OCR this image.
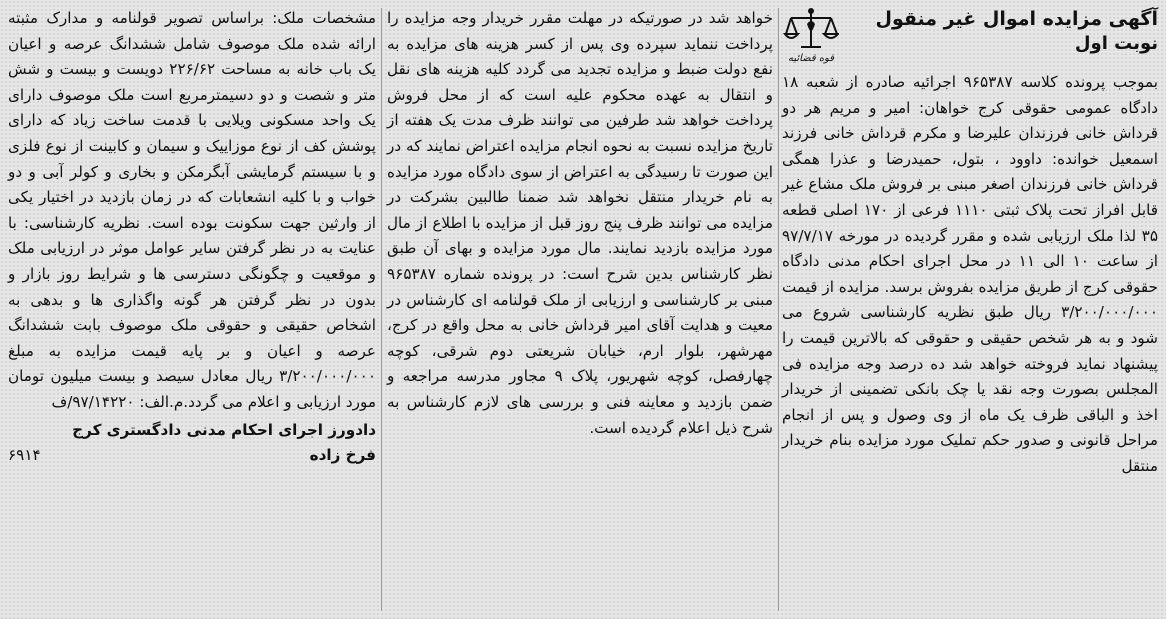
آگهی مزایده اموال غیر منقول

نوبت اول

قوه قضائیه

بموجب پرونده کلاسه ۹۶۵۳۸۷ اجرائیه صادره از شعبه ۱۸ دادگاه عمومی حقوقی کرج خواهان: امیر و مریم هر دو قرداش خانی فرزندان علیرضا و مکرم قرداش خانی فرزند اسمعیل خوانده: داوود ، بتول، حمیدرضا و عذرا همگی قرداش خانی فرزندان اصغر مبنی بر فروش ملک مشاع غیر قابل افراز تحت پلاک ثبتی ۱۱۱۰ فرعی از ۱۷۰ اصلی قطعه ۳۵ لذا ملک ارزیابی شده و مقرر گردیده در مورخه ۹۷/۷/۱۷ از ساعت ۱۰ الی ۱۱ در محل اجرای احکام مدنی دادگاه حقوقی کرج از طریق مزایده بفروش برسد. مزایده از قیمت ۳/۲۰۰/۰۰۰/۰۰۰ ریال طبق نظریه کارشناسی شروع می شود و به هر شخص حقیقی و حقوقی که بالاترین قیمت را پیشنهاد نماید فروخته خواهد شد ده درصد وجه مزایده فی المجلس بصورت وجه نقد یا چک بانکی تضمینی از خریدار اخذ و الباقی ظرف یک ماه از وی وصول و پس از انجام مراحل قانونی و صدور حکم تملیک مورد مزایده بنام خریدار منتقل

خواهد شد در صورتیکه در مهلت مقرر خریدار وجه مزایده را پرداخت ننماید سپرده وی پس از کسر هزینه های مزایده به نفع دولت ضبط و مزایده تجدید می گردد کلیه هزینه های نقل و انتقال به عهده محکوم علیه است که از محل فروش پرداخت خواهد شد طرفین می توانند ظرف مدت یک هفته از تاریخ مزایده نسبت به نحوه انجام مزایده اعتراض نمایند که در این صورت تا رسیدگی به اعتراض از سوی دادگاه مورد مزایده به نام خریدار منتقل نخواهد شد ضمنا طالبین بشرکت در مزایده می توانند ظرف پنج روز قبل از مزایده با اطلاع از مال مورد مزایده بازدید نمایند. مال مورد مزایده و بهای آن طبق نظر کارشناس بدین شرح است: در پرونده شماره ۹۶۵۳۸۷ مبنی بر کارشناسی و ارزیابی از ملک قولنامه ای کارشناس در معیت و هدایت آقای امیر قرداش خانی به محل واقع در کرج، مهرشهر، بلوار ارم، خیابان شریعتی دوم شرقی، کوچه چهارفصل، کوچه شهریور، پلاک ۹ مجاور مدرسه مراجعه و ضمن بازدید و معاینه فنی و بررسی های لازم کارشناس به شرح ذیل اعلام گردیده است.

مشخصات ملک: براساس تصویر قولنامه و مدارک مثبته ارائه شده ملک موصوف شامل ششدانگ عرصه و اعیان یک باب خانه به مساحت ۲۲۶/۶۲ دویست و بیست و شش متر و شصت و دو دسیمترمربع است ملک موصوف دارای یک واحد مسکونی ویلایی با قدمت ساخت زیاد که دارای پوشش کف از نوع موزاییک و سیمان و کابینت از نوع فلزی و با سیستم گرمایشی آبگرمکن و بخاری و کولر آبی و دو خواب و با کلیه انشعابات که در زمان بازدید در اختیار یکی از وارثین جهت سکونت بوده است. نظریه کارشناسی: با عنایت به در نظر گرفتن سایر عوامل موثر در ارزیابی ملک و موقعیت و چگونگی دسترسی ها و شرایط روز بازار و بدون در نظر گرفتن هر گونه واگذاری ها و بدهی به اشخاص حقیقی و حقوقی ملک موصوف بابت ششدانگ عرصه و اعیان و بر پایه قیمت مزایده به مبلغ ۳/۲۰۰/۰۰۰/۰۰۰ ریال معادل سیصد و بیست میلیون تومان مورد ارزیابی و اعلام می گردد.م.الف: ۹۷/۱۴۲۲۰/ف

دادورز اجرای احکام مدنی دادگستری کرج
فرخ زاده
۶۹۱۴
